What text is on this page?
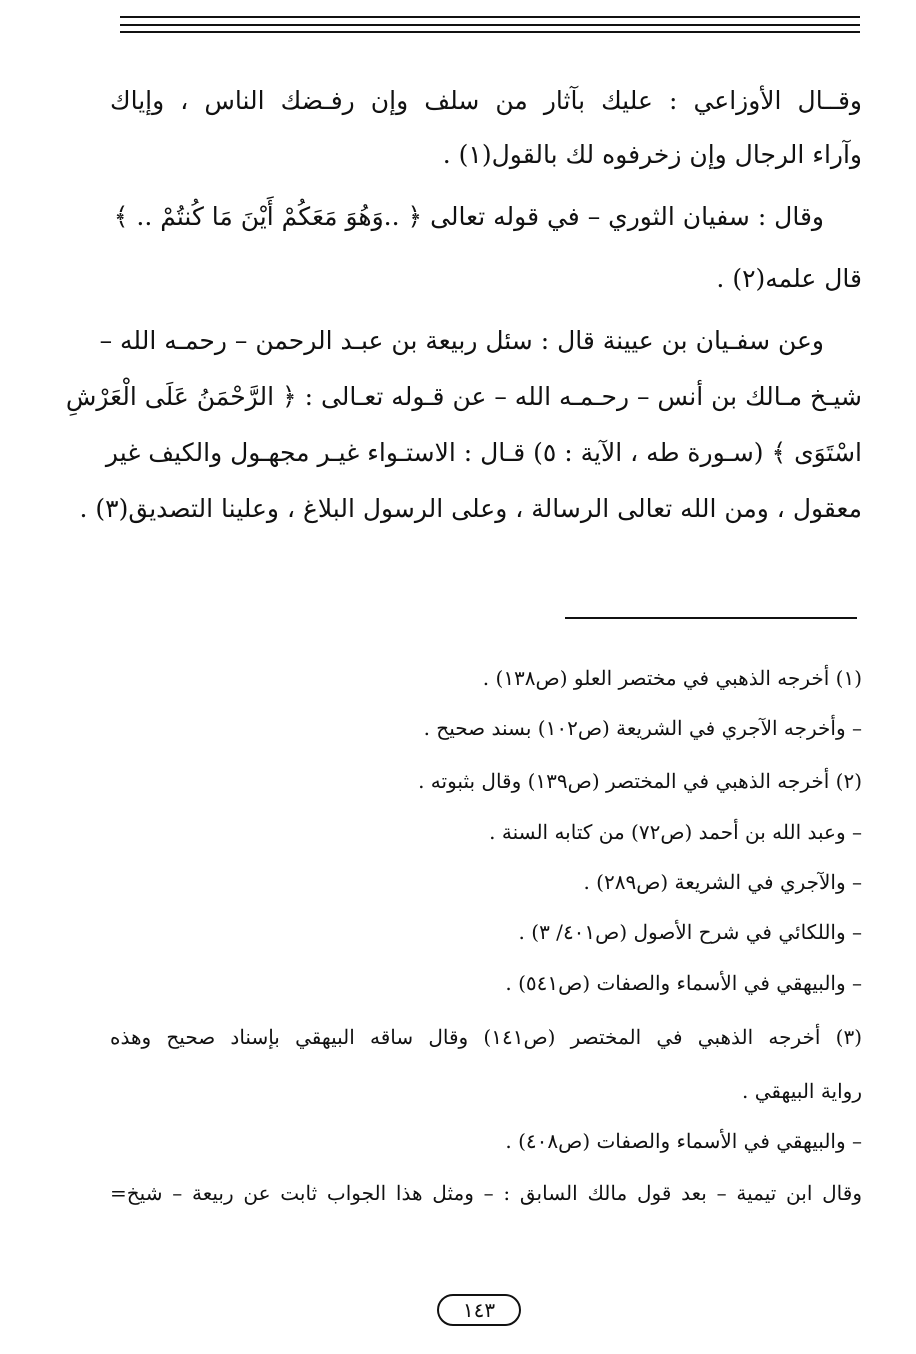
وقــال الأوزاعي : عليك بآثار من سلف وإن رفـضك الناس ، وإياك
وآراء الرجال وإن زخرفوه لك بالقول(١) .
وقال : سفيان الثوري – في قوله تعالى ﴿ ..وَهُوَ مَعَكُمْ أَيْنَ مَا كُنتُمْ .. ﴾
قال علمه(٢) .
وعن سفـيان بن عيينة قال : سئل ربيعة بن عبـد الرحمن – رحمـه الله –
شيـخ مـالك بن أنس – رحـمـه الله – عن قـوله تعـالى : ﴿ الرَّحْمَنُ عَلَى الْعَرْشِ
اسْتَوَى ﴾ (سـورة طه ، الآية : ٥) قـال : الاستـواء غيـر مجهـول والكيف غير
معقول ، ومن الله تعالى الرسالة ، وعلى الرسول البلاغ ، وعلينا التصديق(٣) .
(١) أخرجه الذهبي في مختصر العلو (ص١٣٨) .
– وأخرجه الآجري في الشريعة (ص١٠٢) بسند صحيح .
(٢) أخرجه الذهبي في المختصر (ص١٣٩) وقال بثبوته .
– وعبد الله بن أحمد (ص٧٢) من كتابه السنة .
– والآجري في الشريعة (ص٢٨٩) .
– واللكائي في شرح الأصول (ص٤٠١/ ٣) .
– والبيهقي في الأسماء والصفات (ص٥٤١) .
(٣) أخرجه الذهبي في المختصر (ص١٤١) وقال ساقه البيهقي بإسناد صحيح وهذه
رواية البيهقي .
– والبيهقي في الأسماء والصفات (ص٤٠٨) .
وقال ابن تيمية – بعد قول مالك السابق : – ومثل هذا الجواب ثابت عن ربيعة – شيخ=
١٤٣
